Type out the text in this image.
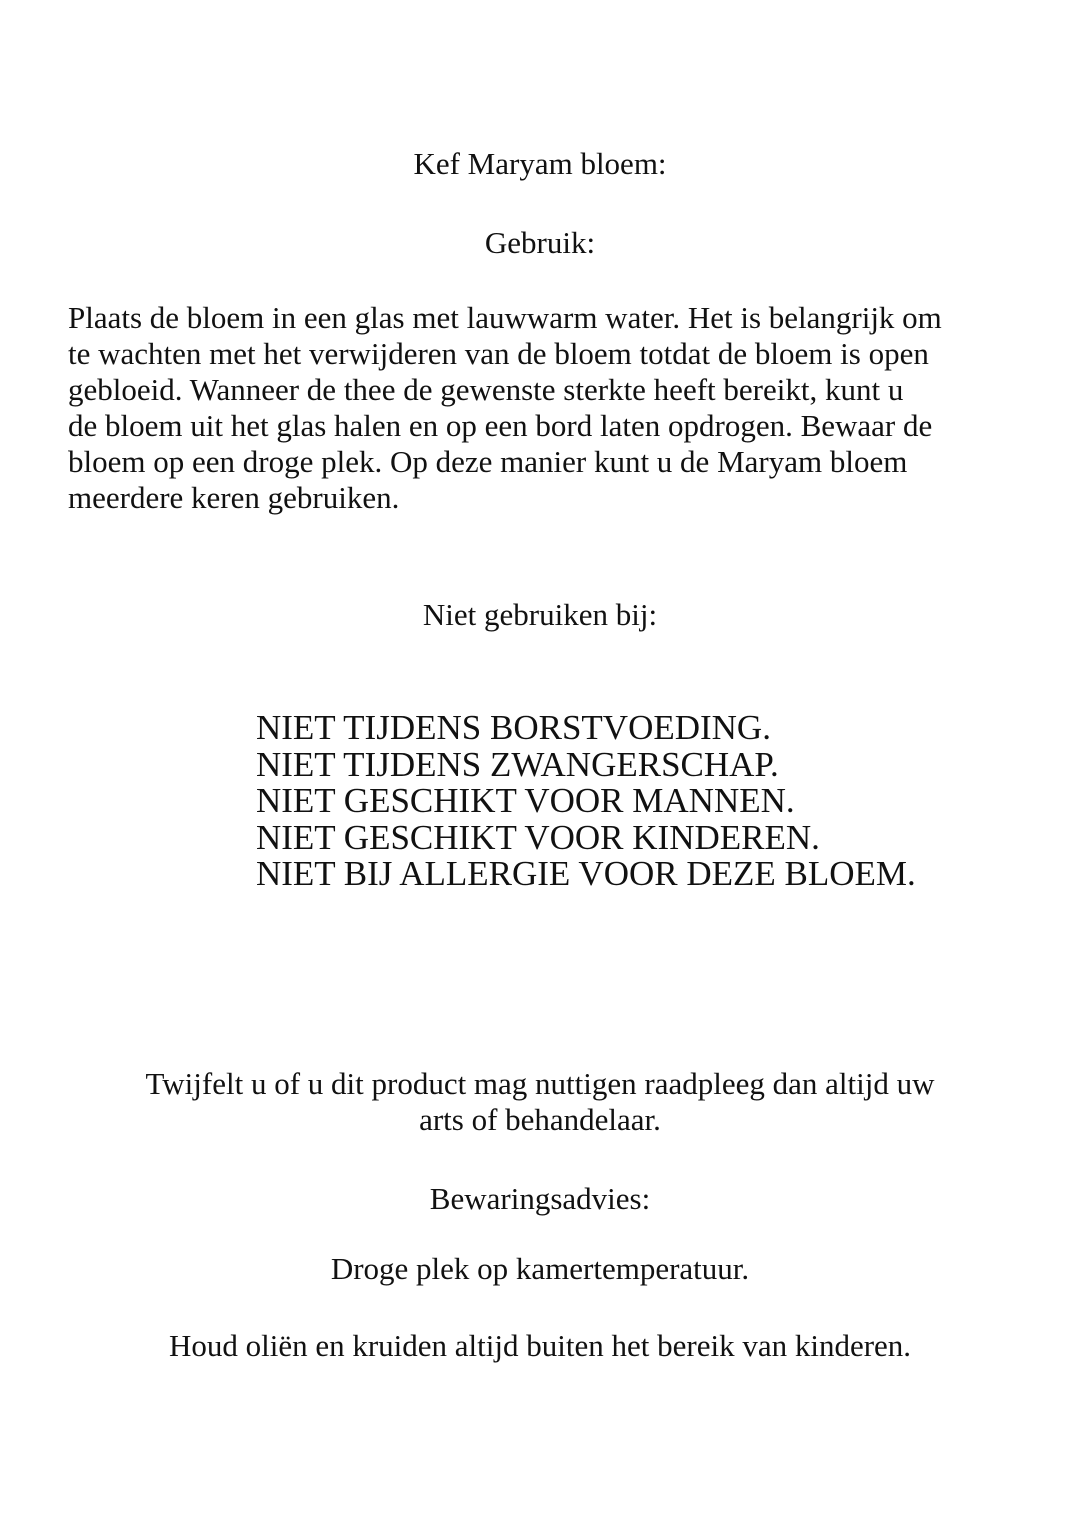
Kef Maryam bloem:
Gebruik:

Plaats de bloem in een glas met lauwwarm water. Het is belangrijk om
te wachten met het verwijderen van de bloem totdat de bloem is open
gebloeid. Wanneer de thee de gewenste sterkte heeft bereikt, kunt u
de bloem uit het glas halen en op een bord laten opdrogen. Bewaar de
bloem op een droge plek. Op deze manier kunt u de Maryam bloem
meerdere keren gebruiken.

Niet gebruiken bij:
NIET TIJDENS BORSTVOEDING.
NIET TIJDENS ZWANGERSCHAP.
NIET GESCHIKT VOOR MANNEN.
NIET GESCHIKT VOOR KINDEREN.
NIET BIJ ALLERGIE VOOR DEZE BLOEM.
Twijfelt u of u dit product mag nuttigen raadpleeg dan altijd uw
arts of behandelaar.
Bewaringsadvies:
Droge plek op kamertemperatuur.
Houd oliën en kruiden altijd buiten het bereik van kinderen.
